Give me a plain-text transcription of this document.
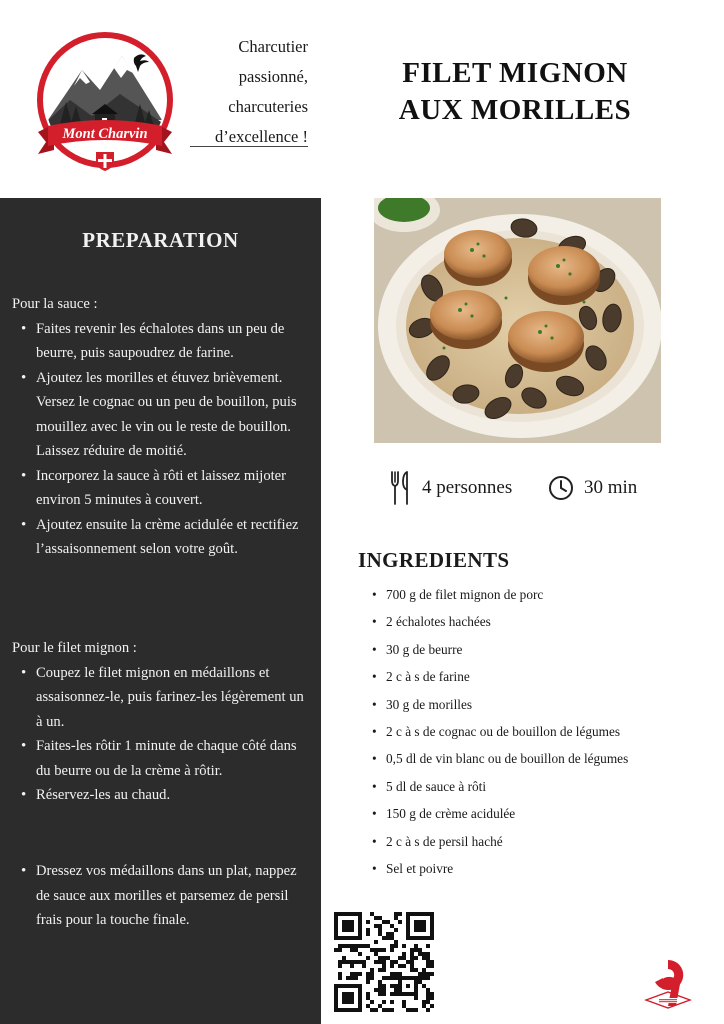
Mont Charvin
Charcutier
passionné,
charcuteries
d’excellence !
FILET MIGNON
AUX MORILLES
PREPARATION
Pour la sauce :
• Faites revenir les échalotes dans un peu de beurre, puis saupoudrez de farine.
• Ajoutez les morilles et étuvez brièvement. Versez le cognac ou un peu de bouillon, puis mouillez avec le vin ou le reste de bouillon. Laissez réduire de moitié.
• Incorporez la sauce à rôti et laissez mijoter environ 5 minutes à couvert.
• Ajoutez ensuite la crème acidulée et rectifiez l’assaisonnement selon votre goût.
Pour le filet mignon :
• Coupez le filet mignon en médaillons et assaisonnez-le, puis farinez-les légèrement un à un.
• Faites-les rôtir 1 minute de chaque côté dans du beurre ou de la crème à rôtir.
• Réservez-les au chaud.
• Dressez vos médaillons dans un plat, nappez de sauce aux morilles et parsemez de persil frais pour la touche finale.
4 personnes	30 min
INGREDIENTS
• 700 g de filet mignon de porc
• 2 échalotes hachées
• 30 g de beurre
• 2 c à s de farine
• 30 g de morilles
• 2 c à s de cognac ou de bouillon de légumes
• 0,5 dl de vin blanc ou de bouillon de légumes
• 5 dl de sauce à rôti
• 150 g de crème acidulée
• 2 c à s de persil haché
• Sel et poivre
